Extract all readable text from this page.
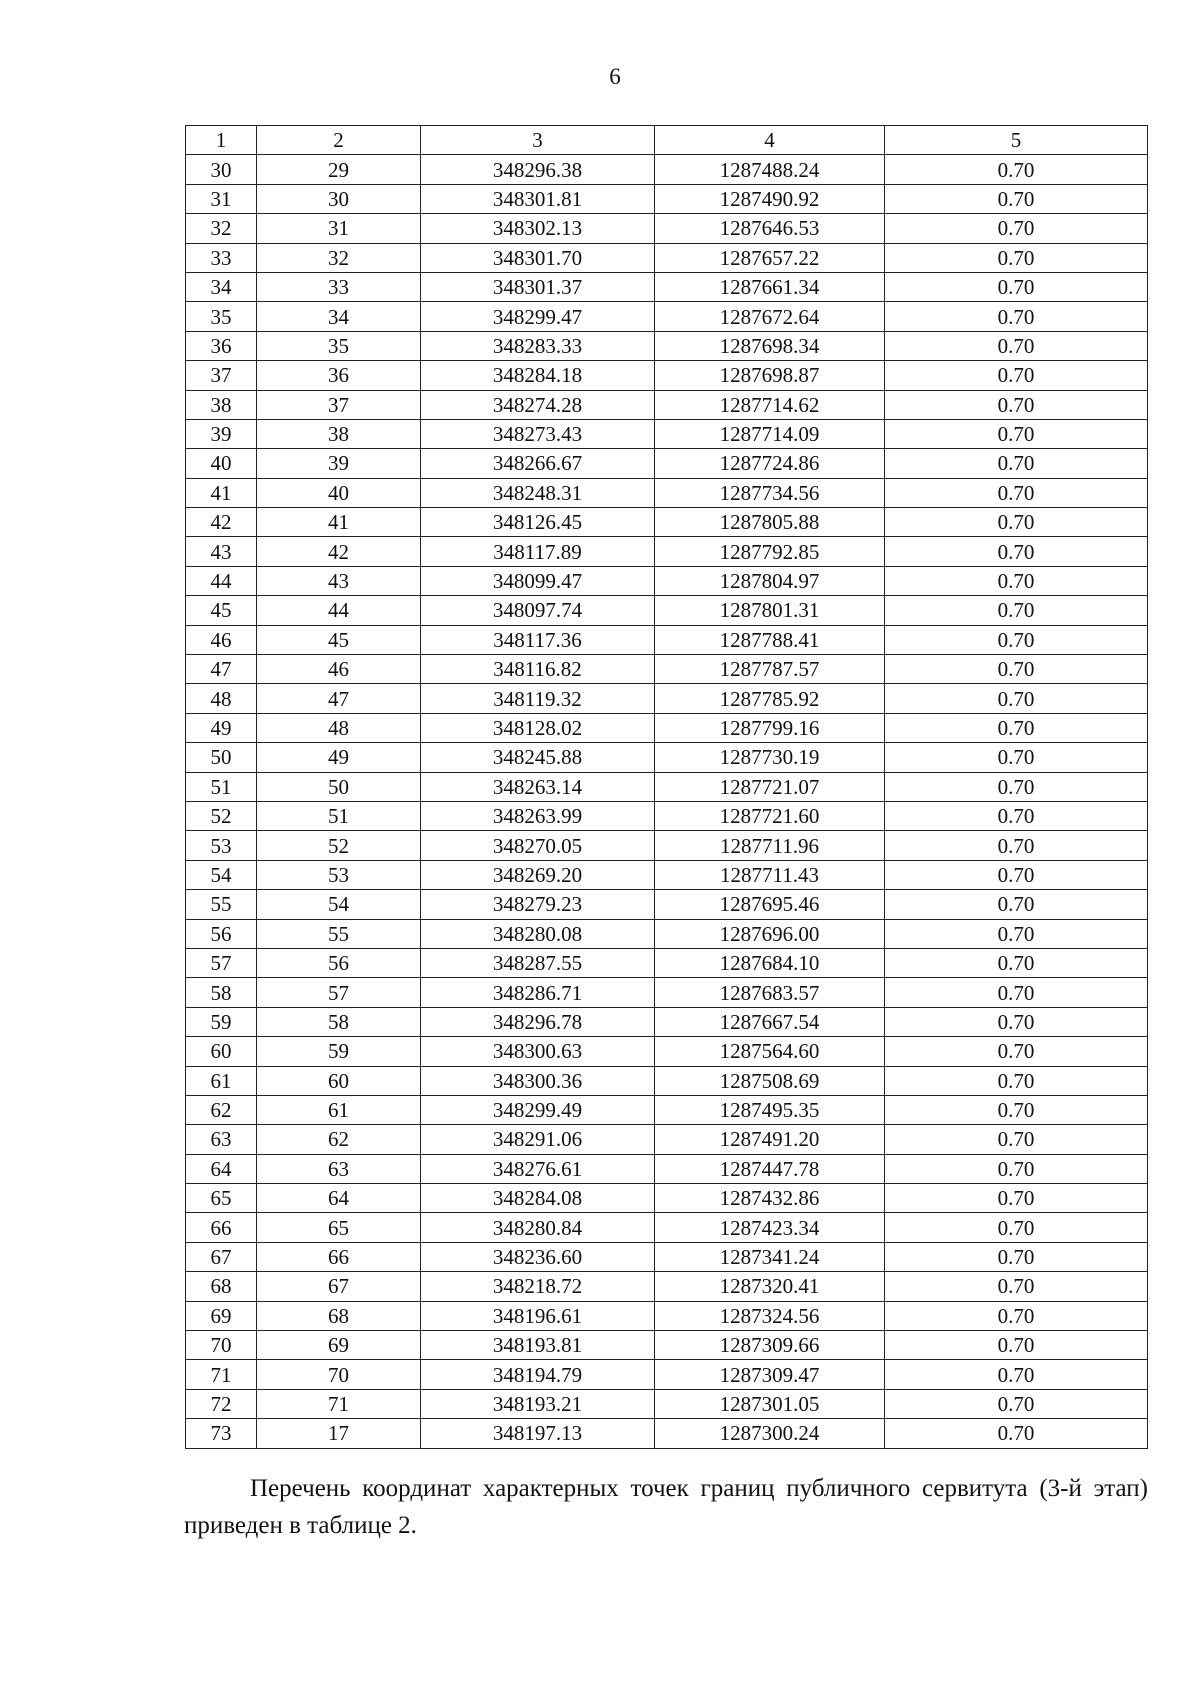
6
1	2	3	4	5
30	29	348296.38	1287488.24	0.70
31	30	348301.81	1287490.92	0.70
32	31	348302.13	1287646.53	0.70
33	32	348301.70	1287657.22	0.70
34	33	348301.37	1287661.34	0.70
35	34	348299.47	1287672.64	0.70
36	35	348283.33	1287698.34	0.70
37	36	348284.18	1287698.87	0.70
38	37	348274.28	1287714.62	0.70
39	38	348273.43	1287714.09	0.70
40	39	348266.67	1287724.86	0.70
41	40	348248.31	1287734.56	0.70
42	41	348126.45	1287805.88	0.70
43	42	348117.89	1287792.85	0.70
44	43	348099.47	1287804.97	0.70
45	44	348097.74	1287801.31	0.70
46	45	348117.36	1287788.41	0.70
47	46	348116.82	1287787.57	0.70
48	47	348119.32	1287785.92	0.70
49	48	348128.02	1287799.16	0.70
50	49	348245.88	1287730.19	0.70
51	50	348263.14	1287721.07	0.70
52	51	348263.99	1287721.60	0.70
53	52	348270.05	1287711.96	0.70
54	53	348269.20	1287711.43	0.70
55	54	348279.23	1287695.46	0.70
56	55	348280.08	1287696.00	0.70
57	56	348287.55	1287684.10	0.70
58	57	348286.71	1287683.57	0.70
59	58	348296.78	1287667.54	0.70
60	59	348300.63	1287564.60	0.70
61	60	348300.36	1287508.69	0.70
62	61	348299.49	1287495.35	0.70
63	62	348291.06	1287491.20	0.70
64	63	348276.61	1287447.78	0.70
65	64	348284.08	1287432.86	0.70
66	65	348280.84	1287423.34	0.70
67	66	348236.60	1287341.24	0.70
68	67	348218.72	1287320.41	0.70
69	68	348196.61	1287324.56	0.70
70	69	348193.81	1287309.66	0.70
71	70	348194.79	1287309.47	0.70
72	71	348193.21	1287301.05	0.70
73	17	348197.13	1287300.24	0.70
Перечень координат характерных точек границ публичного сервитута (3-й этап) приведен в таблице 2.
